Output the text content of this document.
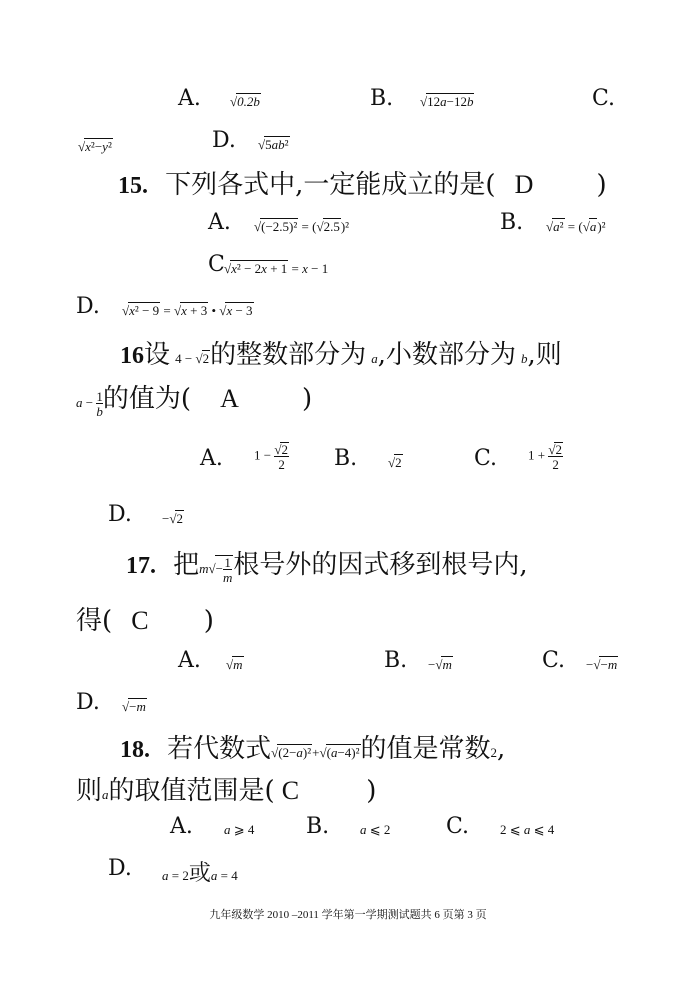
A. √0.2b	B. √12a−12b	C.
√x²−y²	D. √5ab²
15. 下列各式中,一定能成立的是( D )
A. √(−2.5)² = (√2.5)²	B. √a² = (√a)²
C √x² − 2x + 1 = x − 1
D. √x² − 9 = √x + 3 • √x − 3
16设 4 − √2的整数部分为 a,小数部分为 b,则
$a - \frac{1}{b}$ 的值为( A )
A. $1 - \frac{√2}{2} B$. √2	C. $1 + \frac{√2}{2}$
D. −√2
17. 把$m√- \frac{1}{m}$ 根号外的因式移到根号内,
得( C )
A. √m	B. −√m	C. −√−m
D. √−m
18. 若代数式√(2−a)²+√(a−4)²的值是常数2,
则a的取值范围是( C	)
A. a ⩾ 4 B. a ⩽ 2	C. 2 ⩽ a ⩽ 4
D. a = 2或a = 4
九年级数学 2010 –2011 学年第一学期测试题共 6 页第 3 页
